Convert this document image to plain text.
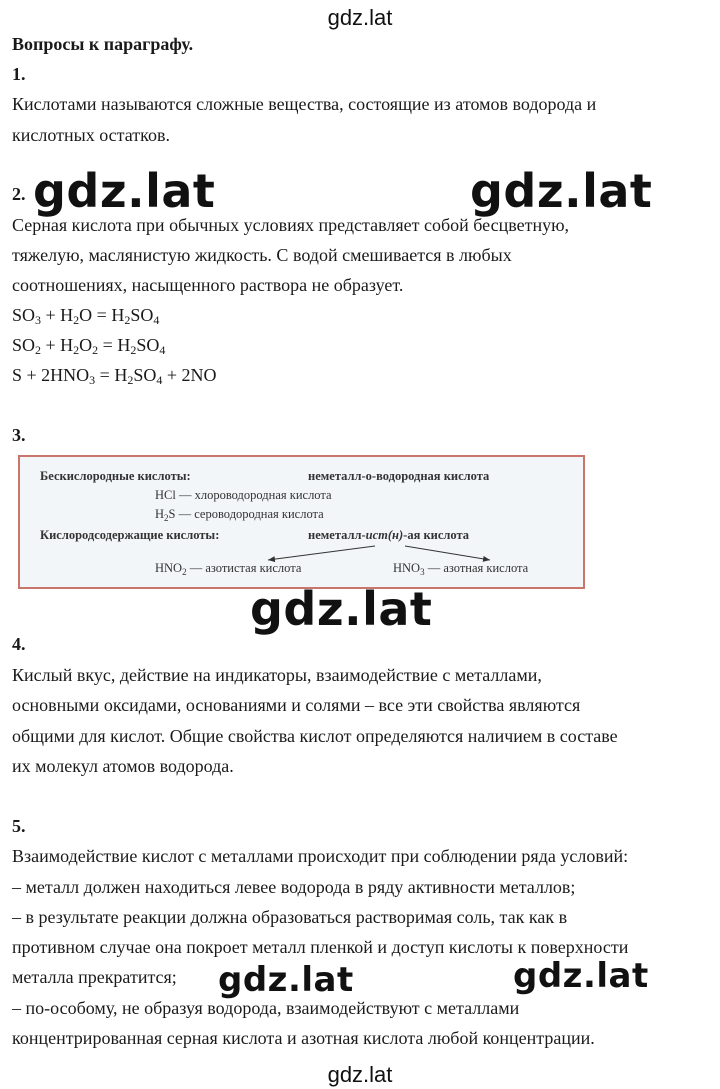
gdz.lat
Вопросы к параграфу.
1.
Кислотами называются сложные вещества, состоящие из атомов водорода и
кислотных остатков.
2.
Серная кислота при обычных условиях представляет собой бесцветную,
тяжелую, маслянистую жидкость. С водой смешивается в любых
соотношениях, насыщенного раствора не образует.
$SO_3 + H_2O = H_2SO_4$
$SO_2 + H_2O_2 = H_2SO_4$
$S + 2HNO_3 = H_2SO_4 + 2NO$
3.
Бескислородные кислоты:	неметалл-о-водородная кислота
HCl — хлороводородная кислота
$H_2S$ — сероводородная кислота
Кислородсодержащие кислоты:	неметалл-ист(н)-ая кислота
$HNO_2$ — азотистая кислота	$HNO_3$ — азотная кислота
4.
Кислый вкус, действие на индикаторы, взаимодействие с металлами,
основными оксидами, основаниями и солями – все эти свойства являются
общими для кислот. Общие свойства кислот определяются наличием в составе
их молекул атомов водорода.
5.
Взаимодействие кислот с металлами происходит при соблюдении ряда условий:
– металл должен находиться левее водорода в ряду активности металлов;
– в результате реакции должна образоваться растворимая соль, так как в
противном случае она покроет металл пленкой и доступ кислоты к поверхности
металла прекратится;
– по-особому, не образуя водорода, взаимодействуют с металлами
концентрированная серная кислота и азотная кислота любой концентрации.
gdz.lat	gdz.lat
gdz.lat
gdz.lat	gdz.lat
gdz.lat
